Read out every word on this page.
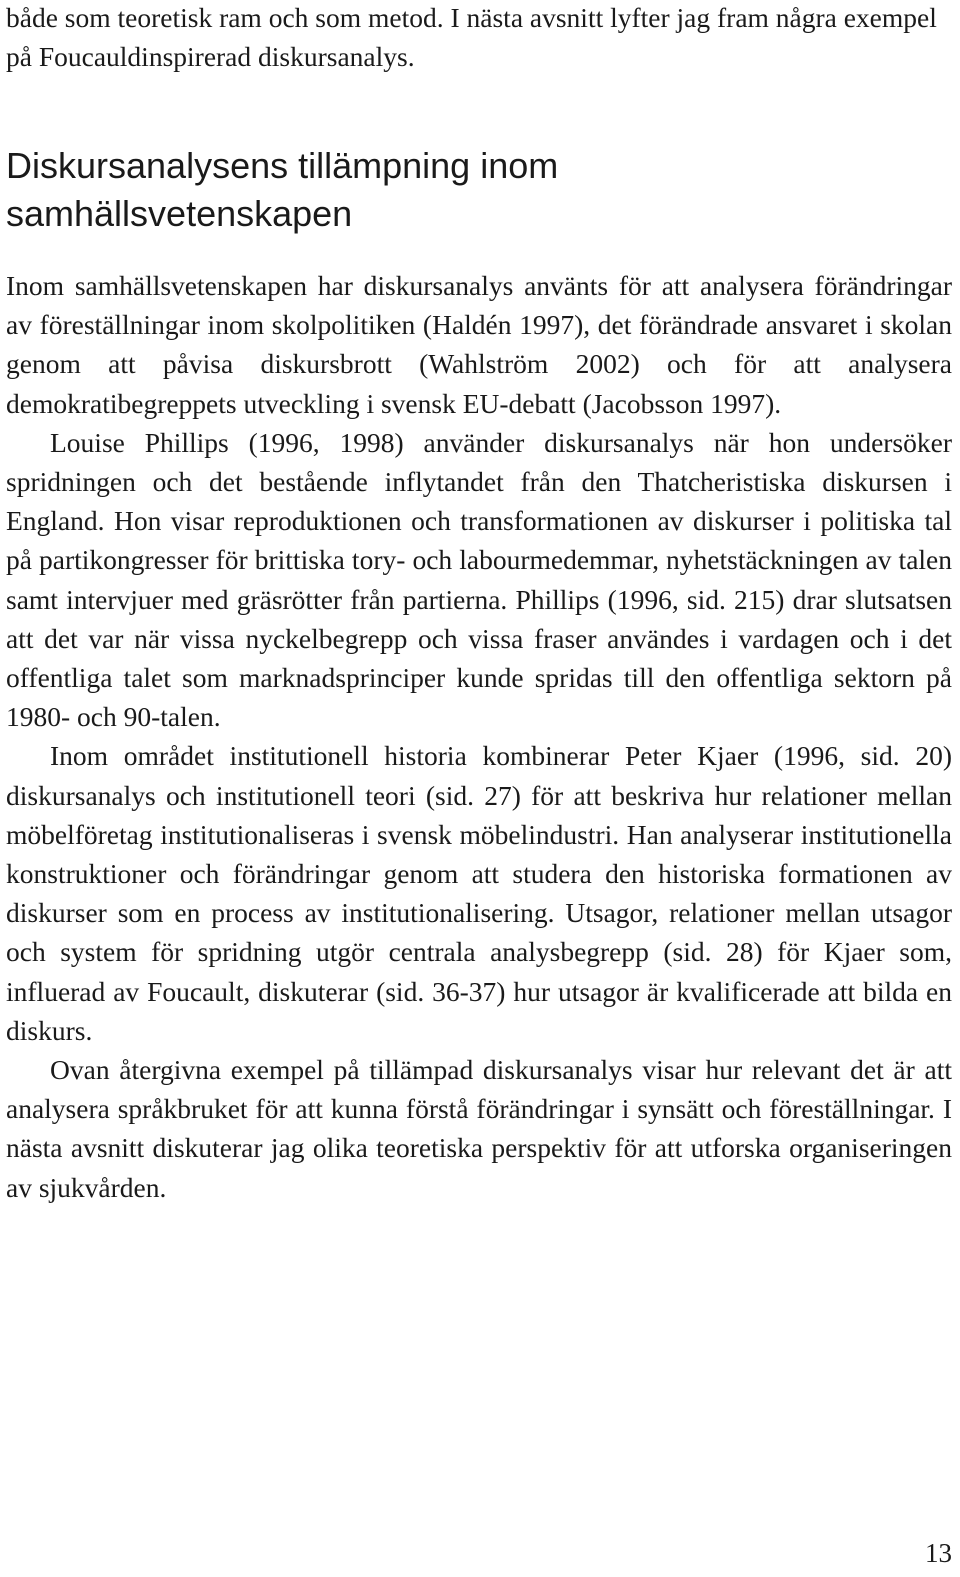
både som teoretisk ram och som metod. I nästa avsnitt lyfter jag fram några exempel på Foucauldinspirerad diskursanalys.

Diskursanalysens tillämpning inom samhällsvetenskapen

Inom samhällsvetenskapen har diskursanalys använts för att analysera förändringar av föreställningar inom skolpolitiken (Haldén 1997), det förändrade ansvaret i skolan genom att påvisa diskursbrott (Wahlström 2002) och för att analysera demokratibegreppets utveckling i svensk EU-debatt (Jacobsson 1997).

Louise Phillips (1996, 1998) använder diskursanalys när hon undersöker spridningen och det bestående inflytandet från den Thatcheristiska diskursen i England. Hon visar reproduktionen och transformationen av diskurser i politiska tal på partikongresser för brittiska tory- och labourmedemmar, nyhetstäckningen av talen samt intervjuer med gräsrötter från partierna. Phillips (1996, sid. 215) drar slutsatsen att det var när vissa nyckelbegrepp och vissa fraser användes i vardagen och i det offentliga talet som marknadsprinciper kunde spridas till den offentliga sektorn på 1980- och 90-talen.

Inom området institutionell historia kombinerar Peter Kjaer (1996, sid. 20) diskursanalys och institutionell teori (sid. 27) för att beskriva hur relationer mellan möbelföretag institutionaliseras i svensk möbelindustri. Han analyserar institutionella konstruktioner och förändringar genom att studera den historiska formationen av diskurser som en process av institutionalisering. Utsagor, relationer mellan utsagor och system för spridning utgör centrala analysbegrepp (sid. 28) för Kjaer som, influerad av Foucault, diskuterar (sid. 36-37) hur utsagor är kvalificerade att bilda en diskurs.

Ovan återgivna exempel på tillämpad diskursanalys visar hur relevant det är att analysera språkbruket för att kunna förstå förändringar i synsätt och föreställningar. I nästa avsnitt diskuterar jag olika teoretiska perspektiv för att utforska organiseringen av sjukvården.

13
